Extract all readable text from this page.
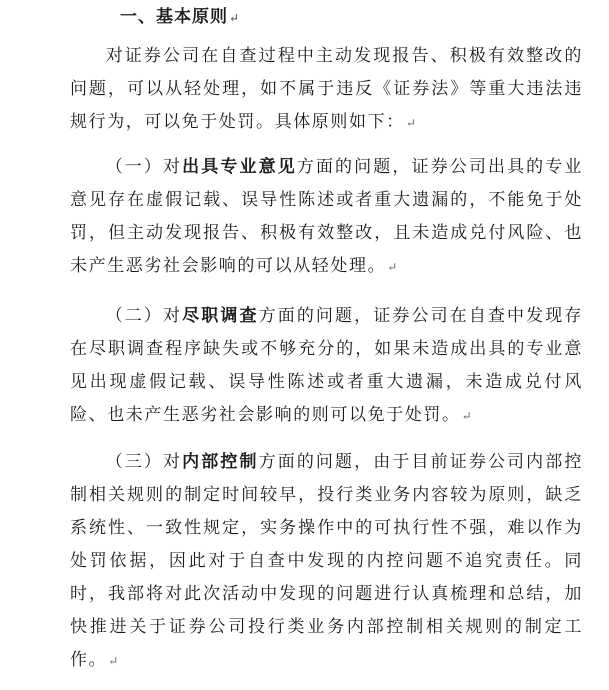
一、基本原则↵

对证券公司在自查过程中主动发现报告、积极有效整改的问题，可以从轻处理，如不属于违反《证券法》等重大违法违规行为，可以免于处罚。具体原则如下：↵

（一）对出具专业意见方面的问题，证券公司出具的专业意见存在虚假记载、误导性陈述或者重大遗漏的，不能免于处罚，但主动发现报告、积极有效整改，且未造成兑付风险、也未产生恶劣社会影响的可以从轻处理。↵

（二）对尽职调查方面的问题，证券公司在自查中发现存在尽职调查程序缺失或不够充分的，如果未造成出具的专业意见出现虚假记载、误导性陈述或者重大遗漏，未造成兑付风险、也未产生恶劣社会影响的则可以免于处罚。↵

（三）对内部控制方面的问题，由于目前证券公司内部控制相关规则的制定时间较早，投行类业务内容较为原则，缺乏系统性、一致性规定，实务操作中的可执行性不强，难以作为处罚依据，因此对于自查中发现的内控问题不追究责任。同时，我部将对此次活动中发现的问题进行认真梳理和总结，加快推进关于证券公司投行类业务内部控制相关规则的制定工作。↵
